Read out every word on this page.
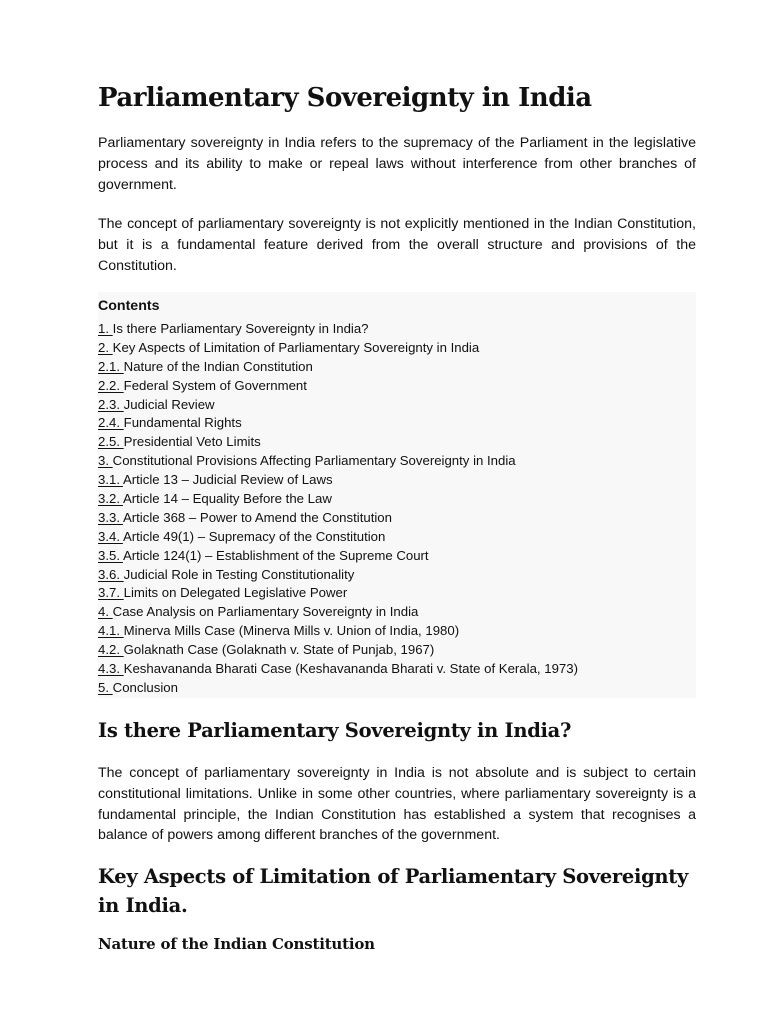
Parliamentary Sovereignty in India

Parliamentary sovereignty in India refers to the supremacy of the Parliament in the legislative process and its ability to make or repeal laws without interference from other branches of government.

The concept of parliamentary sovereignty is not explicitly mentioned in the Indian Constitution, but it is a fundamental feature derived from the overall structure and provisions of the Constitution.

Contents
1. Is there Parliamentary Sovereignty in India?
2. Key Aspects of Limitation of Parliamentary Sovereignty in India
2.1. Nature of the Indian Constitution
2.2. Federal System of Government
2.3. Judicial Review
2.4. Fundamental Rights
2.5. Presidential Veto Limits
3. Constitutional Provisions Affecting Parliamentary Sovereignty in India
3.1. Article 13 – Judicial Review of Laws
3.2. Article 14 – Equality Before the Law
3.3. Article 368 – Power to Amend the Constitution
3.4. Article 49(1) – Supremacy of the Constitution
3.5. Article 124(1) – Establishment of the Supreme Court
3.6. Judicial Role in Testing Constitutionality
3.7. Limits on Delegated Legislative Power
4. Case Analysis on Parliamentary Sovereignty in India
4.1. Minerva Mills Case (Minerva Mills v. Union of India, 1980)
4.2. Golaknath Case (Golaknath v. State of Punjab, 1967)
4.3. Keshavananda Bharati Case (Keshavananda Bharati v. State of Kerala, 1973)
5. Conclusion
Is there Parliamentary Sovereignty in India?

The concept of parliamentary sovereignty in India is not absolute and is subject to certain constitutional limitations. Unlike in some other countries, where parliamentary sovereignty is a fundamental principle, the Indian Constitution has established a system that recognises a balance of powers among different branches of the government.

Key Aspects of Limitation of Parliamentary Sovereignty in India.
Nature of the Indian Constitution
